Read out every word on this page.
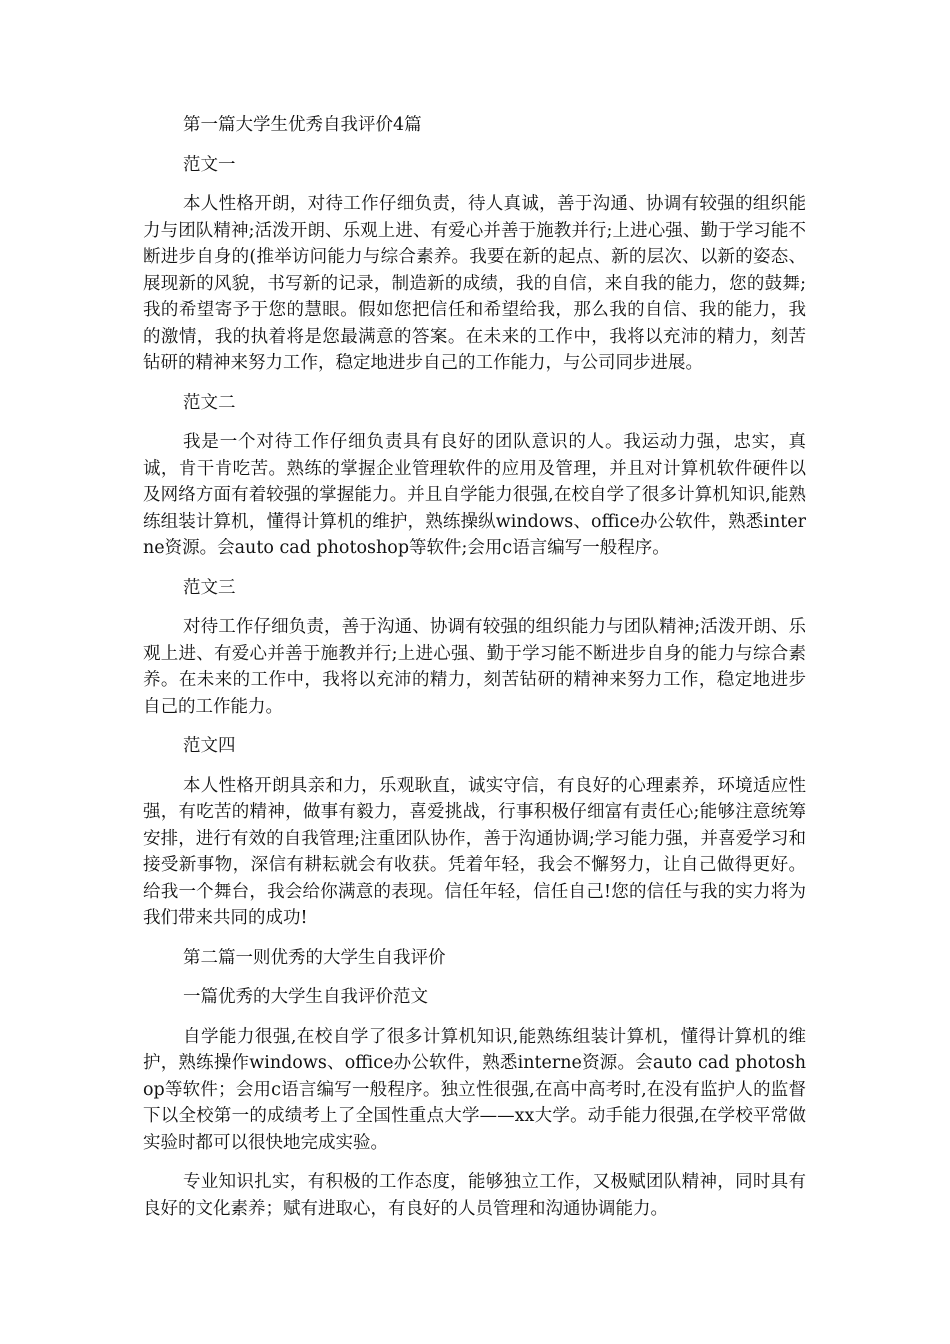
第一篇大学生优秀自我评价4篇

范文一

本人性格开朗，对待工作仔细负责，待人真诚，善于沟通、协调有较强的组织能力与团队精神;活泼开朗、乐观上进、有爱心并善于施教并行;上进心强、勤于学习能不断进步自身的(推举访问能力与综合素养。我要在新的起点、新的层次、以新的姿态、展现新的风貌，书写新的记录，制造新的成绩，我的自信，来自我的能力，您的鼓舞;我的希望寄予于您的慧眼。假如您把信任和希望给我，那么我的自信、我的能力，我的激情，我的执着将是您最满意的答案。在未来的工作中，我将以充沛的精力，刻苦钻研的精神来努力工作，稳定地进步自己的工作能力，与公司同步进展。

范文二

我是一个对待工作仔细负责具有良好的团队意识的人。我运动力强，忠实，真诚，肯干肯吃苦。熟练的掌握企业管理软件的应用及管理，并且对计算机软件硬件以及网络方面有着较强的掌握能力。并且自学能力很强,在校自学了很多计算机知识,能熟练组装计算机，懂得计算机的维护，熟练操纵windows、office办公软件，熟悉interne资源。会auto cad photoshop等软件;会用c语言编写一般程序。

范文三

对待工作仔细负责，善于沟通、协调有较强的组织能力与团队精神;活泼开朗、乐观上进、有爱心并善于施教并行;上进心强、勤于学习能不断进步自身的能力与综合素养。在未来的工作中，我将以充沛的精力，刻苦钻研的精神来努力工作，稳定地进步自己的工作能力。

范文四

本人性格开朗具亲和力，乐观耿直，诚实守信，有良好的心理素养，环境适应性强，有吃苦的精神，做事有毅力，喜爱挑战，行事积极仔细富有责任心;能够注意统筹安排，进行有效的自我管理;注重团队协作，善于沟通协调;学习能力强，并喜爱学习和接受新事物，深信有耕耘就会有收获。凭着年轻，我会不懈努力，让自己做得更好。给我一个舞台，我会给你满意的表现。信任年轻，信任自己!您的信任与我的实力将为我们带来共同的成功!

第二篇一则优秀的大学生自我评价

一篇优秀的大学生自我评价范文

自学能力很强,在校自学了很多计算机知识,能熟练组装计算机，懂得计算机的维护，熟练操作windows、office办公软件，熟悉interne资源。会auto cad photoshop等软件；会用c语言编写一般程序。独立性很强,在高中高考时,在没有监护人的监督下以全校第一的成绩考上了全国性重点大学——xx大学。动手能力很强,在学校平常做实验时都可以很快地完成实验。

专业知识扎实，有积极的工作态度，能够独立工作，又极赋团队精神，同时具有良好的文化素养；赋有进取心，有良好的人员管理和沟通协调能力。
